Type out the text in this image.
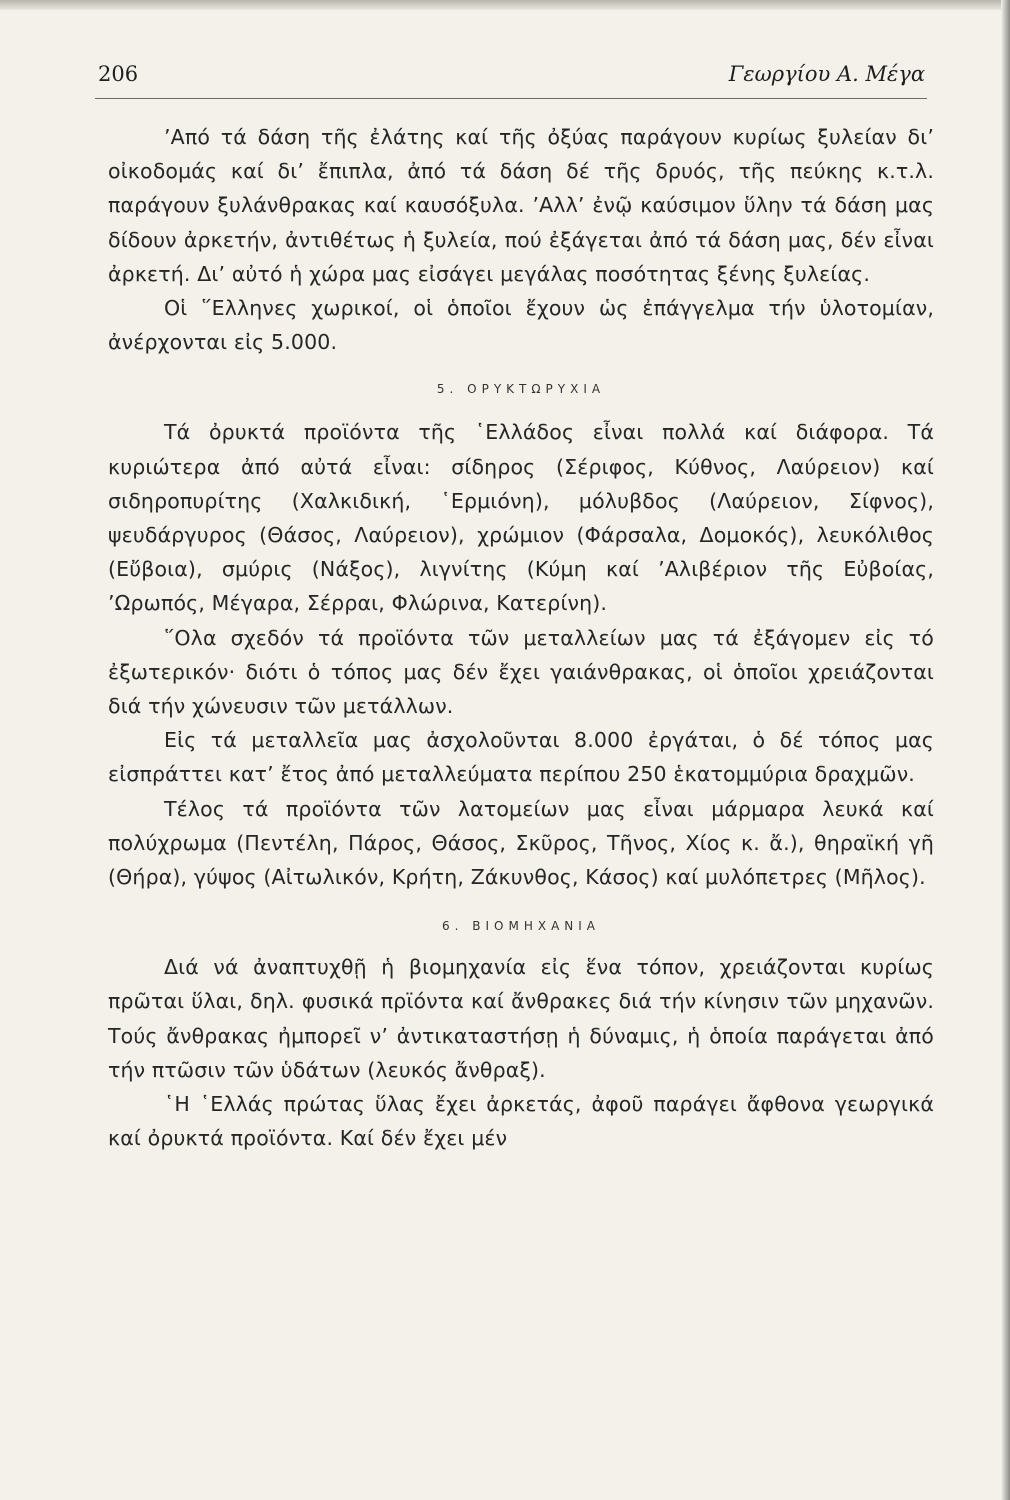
206	Γεωργίου Α. Μέγα

’Από τά δάση τῆς ἐλάτης καί τῆς ὀξύας παράγουν κυρίως ξυλείαν δι’ οἰκοδομάς καί δι’ ἔπιπλα, ἀπό τά δάση δέ τῆς δρυός, τῆς πεύκης κ.τ.λ. παράγουν ξυλάνθρακας καί καυσόξυλα. ’Αλλ’ ἐνῷ καύσιμον ὕλην τά δάση μας δίδουν ἀρκετήν, ἀντιθέτως ἡ ξυλεία, πού ἐξάγεται ἀπό τά δάση μας, δέν εἶναι ἀρκετή. Δι’ αὐτό ἡ χώρα μας εἰσάγει μεγάλας ποσότητας ξένης ξυλείας.

Οἱ ῞Ελληνες χωρικοί, οἱ ὁποῖοι ἔχουν ὡς ἐπάγγελμα τήν ὑλοτομίαν, ἀνέρχονται εἰς 5.000.

5. ΟΡΥΚΤΩΡΥΧΙΑ

Τά ὀρυκτά προϊόντα τῆς ῾Ελλάδος εἶναι πολλά καί διάφορα. Τά κυριώτερα ἀπό αὐτά εἶναι: σίδηρος (Σέριφος, Κύθνος, Λαύρειον) καί σιδηροπυρίτης (Χαλκιδική, ῾Ερμιόνη), μόλυβδος (Λαύρειον, Σίφνος), ψευδάργυρος (Θάσος, Λαύρειον), χρώμιον (Φάρσαλα, Δομοκός), λευκόλιθος (Εὔβοια), σμύρις (Νάξος), λιγνίτης (Κύμη καί ’Αλιβέριον τῆς Εὐβοίας, ’Ωρωπός, Μέγαρα, Σέρραι, Φλώρινα, Κατερίνη).

῞Ολα σχεδόν τά προϊόντα τῶν μεταλλείων μας τά ἐξάγομεν εἰς τό ἐξωτερικόν· διότι ὁ τόπος μας δέν ἔχει γαιάνθρακας, οἱ ὁποῖοι χρειάζονται διά τήν χώνευσιν τῶν μετάλλων.

Εἰς τά μεταλλεῖα μας ἀσχολοῦνται 8.000 ἐργάται, ὁ δέ τόπος μας εἰσπράττει κατ’ ἔτος ἀπό μεταλλεύματα περίπου 250 ἑκατομμύρια δραχμῶν.

Τέλος τά προϊόντα τῶν λατομείων μας εἶναι μάρμαρα λευκά καί πολύχρωμα (Πεντέλη, Πάρος, Θάσος, Σκῦρος, Τῆνος, Χίος κ. ἄ.), θηραϊκή γῆ (Θήρα), γύψος (Αἰτωλικόν, Κρήτη, Ζάκυνθος, Κάσος) καί μυλόπετρες (Μῆλος).

6. ΒΙΟΜΗΧΑΝΙΑ

Διά νά ἀναπτυχθῇ ἡ βιομηχανία εἰς ἕνα τόπον, χρειάζονται κυρίως πρῶται ὕλαι, δηλ. φυσικά πρϊόντα καί ἄνθρακες διά τήν κίνησιν τῶν μηχανῶν. Τούς ἄνθρακας ἠμπορεῖ ν’ ἀντικαταστήσῃ ἡ δύναμις, ἡ ὁποία παράγεται ἀπό τήν πτῶσιν τῶν ὑδάτων (λευκός ἄνθραξ).

῾Η ῾Ελλάς πρώτας ὕλας ἔχει ἀρκετάς, ἀφοῦ παράγει ἄφθονα γεωργικά καί ὀρυκτά προϊόντα. Καί δέν ἔχει μέν
